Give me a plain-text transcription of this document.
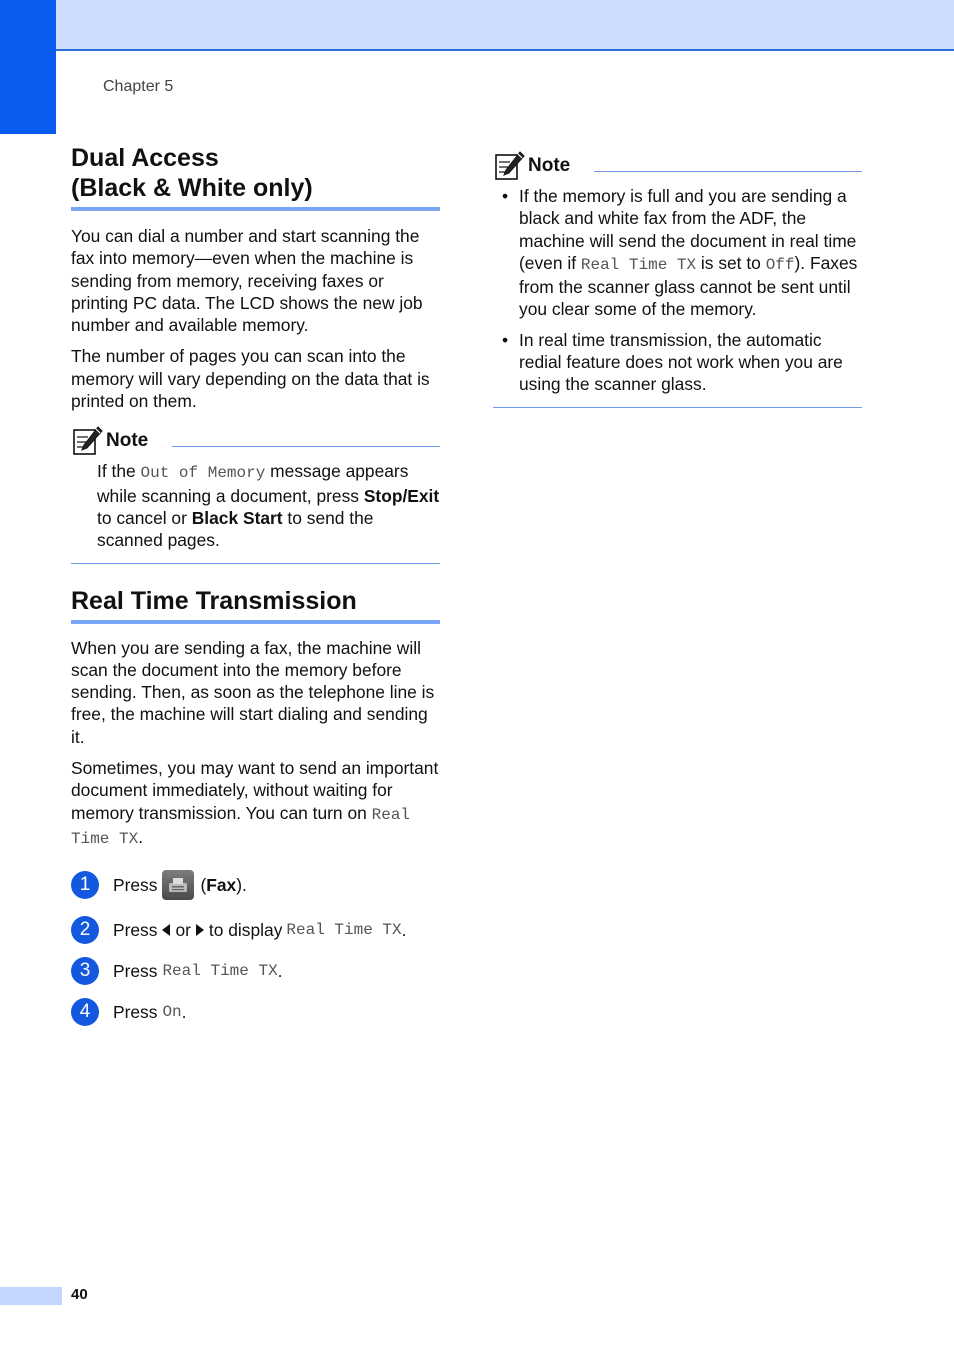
Chapter 5
Dual Access
(Black & White only)

You can dial a number and start scanning the fax into memory—even when the machine is sending from memory, receiving faxes or printing PC data. The LCD shows the new job number and available memory.

The number of pages you can scan into the memory will vary depending on the data that is printed on them.

Note

If the Out of Memory message appears while scanning a document, press Stop/Exit to cancel or Black Start to send the scanned pages.

Real Time Transmission

When you are sending a fax, the machine will scan the document into the memory before sending. Then, as soon as the telephone line is free, the machine will start dialing and sending it.

Sometimes, you may want to send an important document immediately, without waiting for memory transmission. You can turn on Real Time TX.

1	Press ( Fax ).
2	Press or to display Real Time TX .
3	Press Real Time TX .
4	Press On .
Note
• If the memory is full and you are sending a black and white fax from the ADF, the machine will send the document in real time (even if Real Time TX is set to Off). Faxes from the scanner glass cannot be sent until you clear some of the memory.
• In real time transmission, the automatic redial feature does not work when you are using the scanner glass.
40
